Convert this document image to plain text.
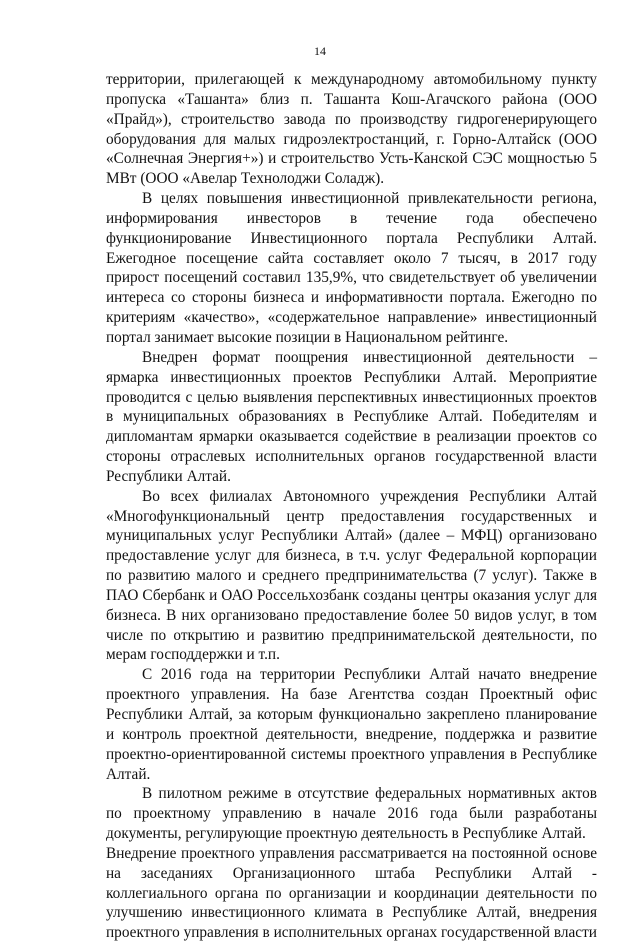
14

территории, прилегающей к международному автомобильному пункту пропуска «Ташанта» близ п. Ташанта Кош-Агачского района (ООО «Прайд»), строительство завода по производству гидрогенерирующего оборудования для малых гидроэлектростанций, г. Горно-Алтайск (ООО «Солнечная Энергия+») и строительство Усть-Канской СЭС мощностью 5 МВт (ООО «Авелар Технолоджи Соладж).

В целях повышения инвестиционной привлекательности региона, информирования инвесторов в течение года обеспечено функционирование Инвестиционного портала Республики Алтай. Ежегодное посещение сайта составляет около 7 тысяч, в 2017 году прирост посещений составил 135,9%, что свидетельствует об увеличении интереса со стороны бизнеса и информативности портала. Ежегодно по критериям «качество», «содержательное направление» инвестиционный портал занимает высокие позиции в Национальном рейтинге.

Внедрен формат поощрения инвестиционной деятельности – ярмарка инвестиционных проектов Республики Алтай. Мероприятие проводится с целью выявления перспективных инвестиционных проектов в муниципальных образованиях в Республике Алтай. Победителям и дипломантам ярмарки оказывается содействие в реализации проектов со стороны отраслевых исполнительных органов государственной власти Республики Алтай.

Во всех филиалах Автономного учреждения Республики Алтай «Многофункциональный центр предоставления государственных и муниципальных услуг Республики Алтай» (далее – МФЦ) организовано предоставление услуг для бизнеса, в т.ч. услуг Федеральной корпорации по развитию малого и среднего предпринимательства (7 услуг). Также в ПАО Сбербанк и ОАО Россельхозбанк созданы центры оказания услуг для бизнеса. В них организовано предоставление более 50 видов услуг, в том числе по открытию и развитию предпринимательской деятельности, по мерам господдержки и т.п.

С 2016 года на территории Республики Алтай начато внедрение проектного управления. На базе Агентства создан Проектный офис Республики Алтай, за которым функционально закреплено планирование и контроль проектной деятельности, внедрение, поддержка и развитие проектно-ориентированной системы проектного управления в Республике Алтай.

В пилотном режиме в отсутствие федеральных нормативных актов по проектному управлению в начале 2016 года были разработаны документы, регулирующие проектную деятельность в Республике Алтай.

Внедрение проектного управления рассматривается на постоянной основе на заседаниях Организационного штаба Республики Алтай - коллегиального органа по организации и координации деятельности по улучшению инвестиционного климата в Республике Алтай, внедрения проектного управления в исполнительных органах государственной власти
